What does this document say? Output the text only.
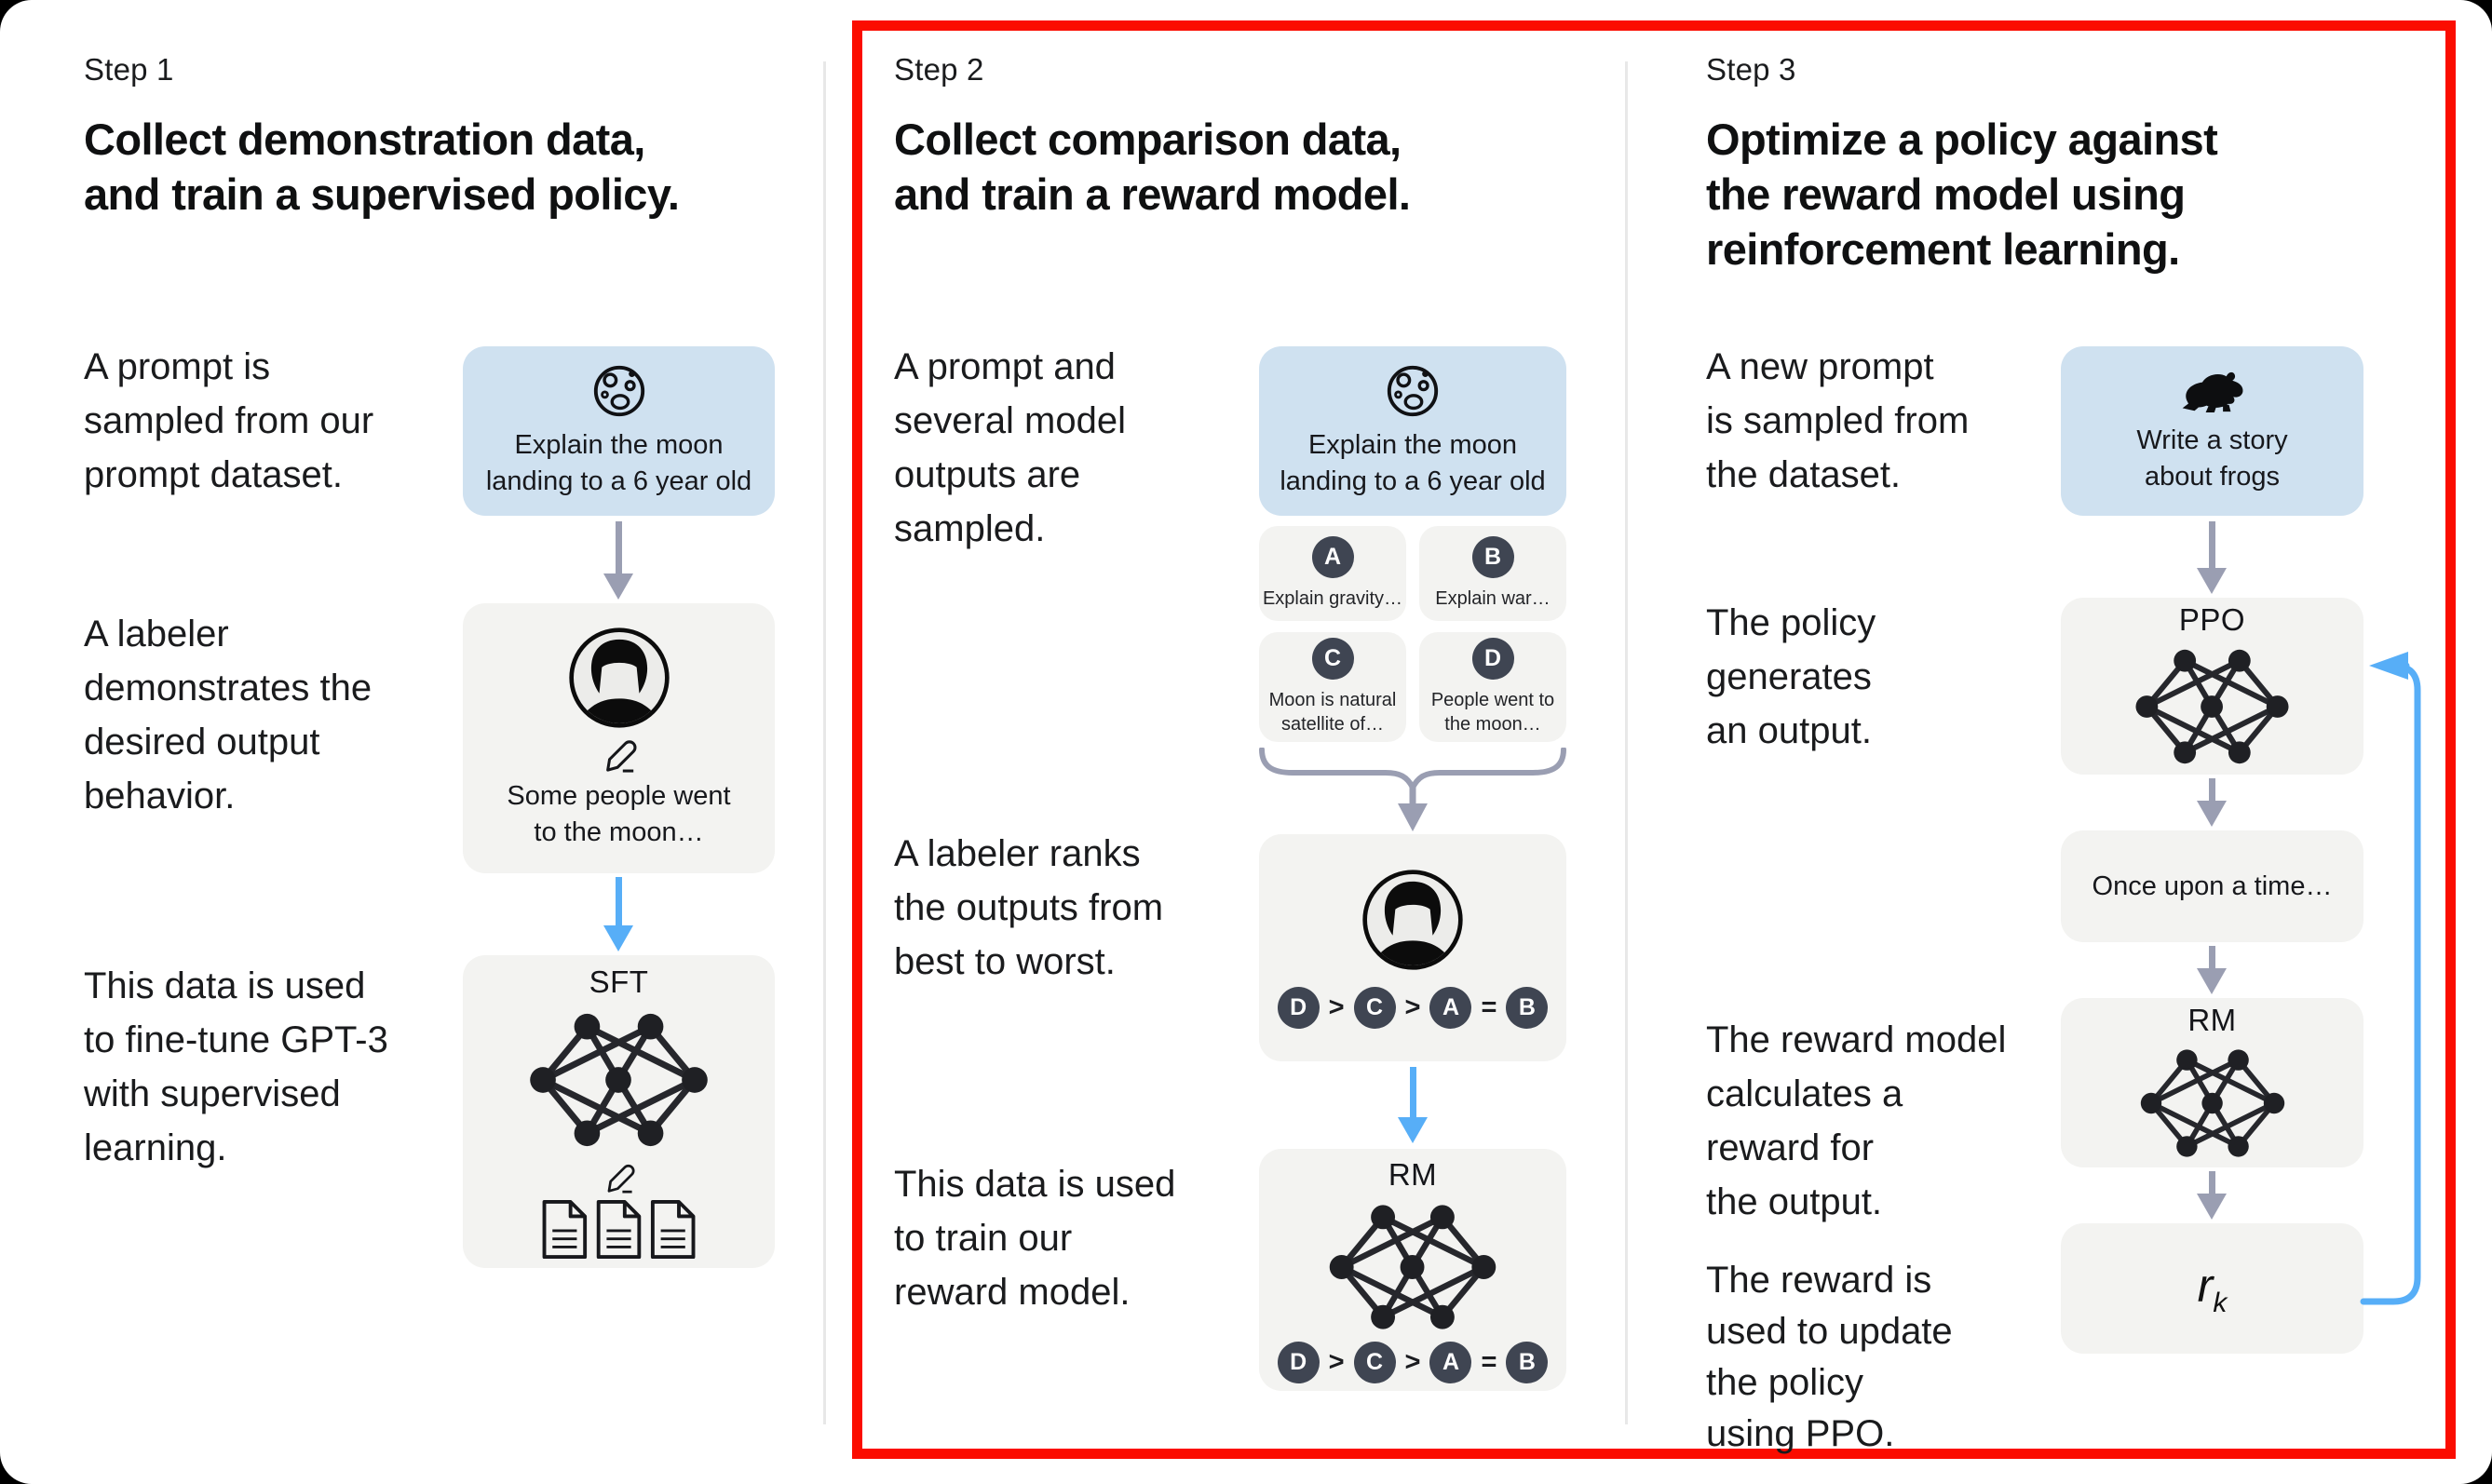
Step 1
Collect demonstration data,
and train a supervised policy.
A prompt is
sampled from our
prompt dataset.
A labeler
demonstrates the
desired output
behavior.
This data is used
to fine-tune GPT-3
with supervised
learning.
Explain the moon
landing to a 6 year old
Some people went
to the moon…
SFT
Step 2
Collect comparison data,
and train a reward model.
A prompt and
several model
outputs are
sampled.
A labeler ranks
the outputs from
best to worst.
This data is used
to train our
reward model.
Explain the moon
landing to a 6 year old
A
Explain gravity…
B
Explain war…
C
Moon is natural
satellite of…
D
People went to
the moon…
D > C > A = B
RM
D > C > A = B
Step 3
Optimize a policy against
the reward model using
reinforcement learning.
A new prompt
is sampled from
the dataset.
The policy
generates
an output.
The reward model
calculates a
reward for
the output.
The reward is
used to update
the policy
using PPO.
Write a story
about frogs
PPO
Once upon a time…
RM
$r_k$
